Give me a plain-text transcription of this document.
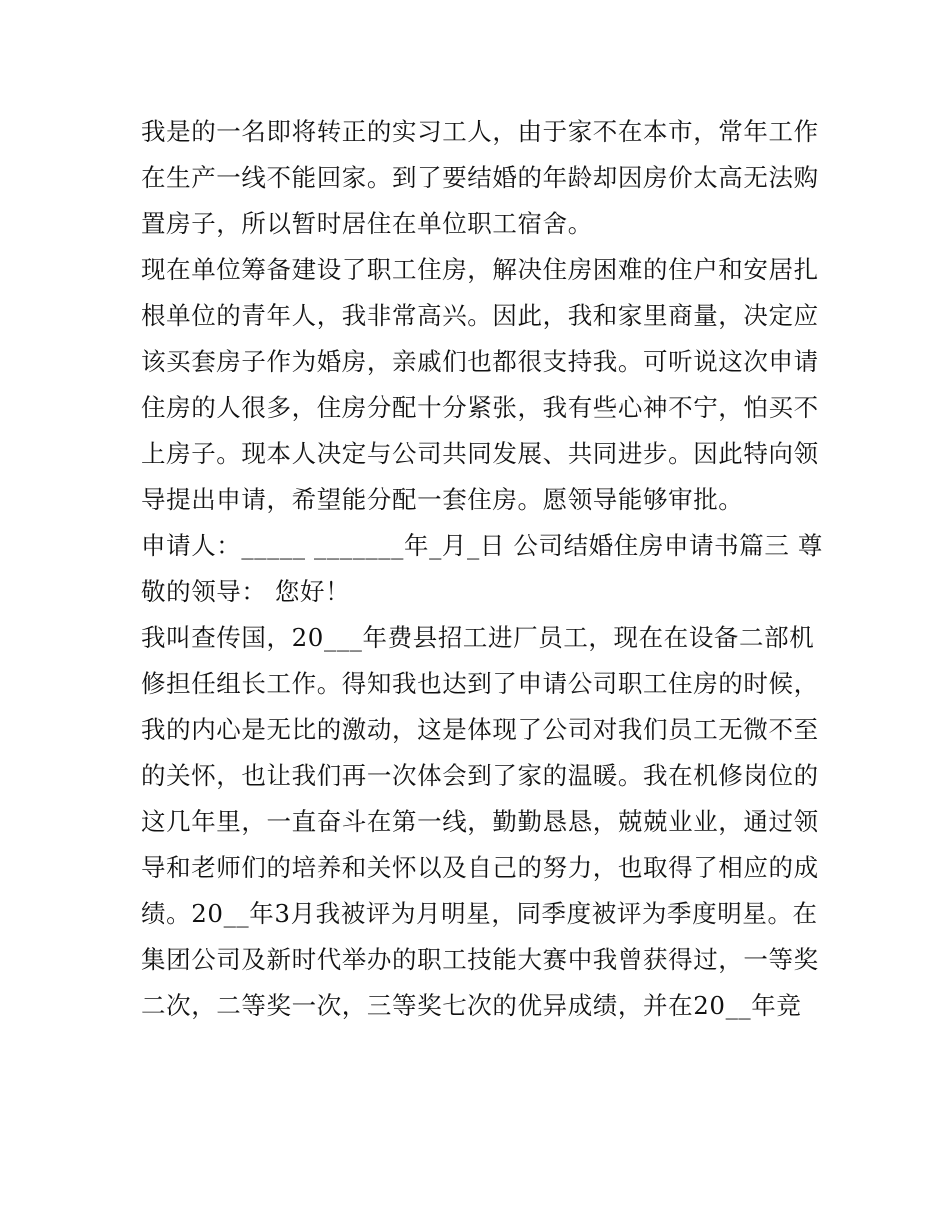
我是的一名即将转正的实习工人，由于家不在本市，常年工作
在生产一线不能回家。到了要结婚的年龄却因房价太高无法购
置房子，所以暂时居住在单位职工宿舍。
现在单位筹备建设了职工住房，解决住房困难的住户和安居扎
根单位的青年人，我非常高兴。因此，我和家里商量，决定应
该买套房子作为婚房，亲戚们也都很支持我。可听说这次申请
住房的人很多，住房分配十分紧张，我有些心神不宁，怕买不
上房子。现本人决定与公司共同发展、共同进步。因此特向领
导提出申请，希望能分配一套住房。愿领导能够审批。
申请人：_____ _______年_月_日 公司结婚住房申请书篇三 尊
敬的领导： 您好！
我叫查传国，20___年费县招工进厂员工，现在在设备二部机
修担任组长工作。得知我也达到了申请公司职工住房的时候，
我的内心是无比的激动，这是体现了公司对我们员工无微不至
的关怀，也让我们再一次体会到了家的温暖。我在机修岗位的
这几年里，一直奋斗在第一线，勤勤恳恳，兢兢业业，通过领
导和老师们的培养和关怀以及自己的努力，也取得了相应的成
绩。20__年3月我被评为月明星，同季度被评为季度明星。在
集团公司及新时代举办的职工技能大赛中我曾获得过，一等奖
二次，二等奖一次，三等奖七次的优异成绩，并在20__年竞
